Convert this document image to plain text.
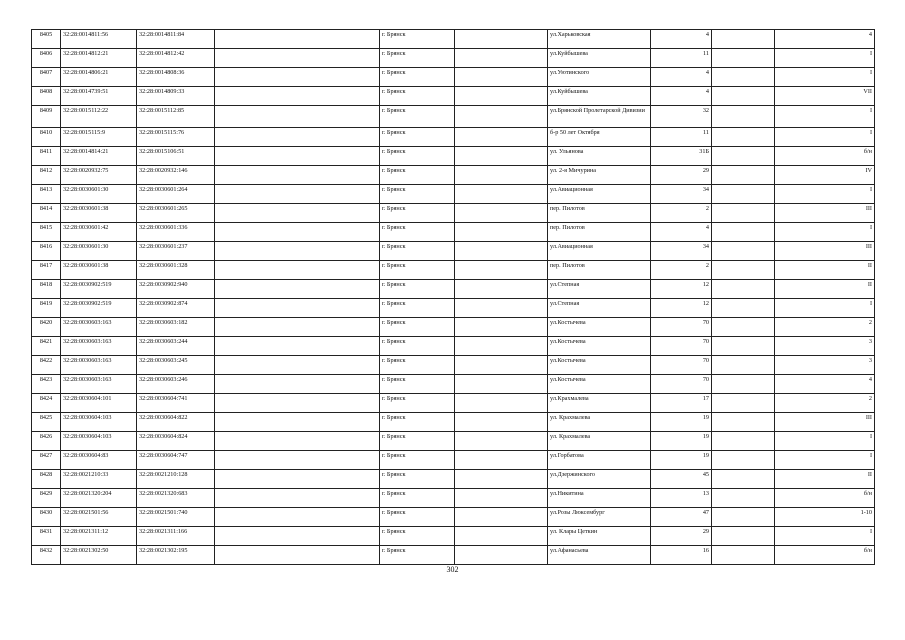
8405	32:28:0014811:56	32:28:0014811:84		г. Брянск		ул.Харьковская	4		4
8406	32:28:0014812:21	32:28:0014812:42		г. Брянск		ул.Куйбышева	11		I
8407	32:28:0014806:21	32:28:0014808:36		г. Брянск		ул.Уютинского	4		I
8408	32:28:0014739:51	32:28:0014809:33		г. Брянск		ул.Куйбышева	4		VII
8409	32:28:0015112:22	32:28:0015112:85		г. Брянск		ул.Брянской Пролетарской Дивизии	32		I
8410	32:28:0015115:9	32:28:0015115:76		г. Брянск		б-р 50 лет Октября	11		I
8411	32:28:0014814:21	32:28:0015106:51		г. Брянск		ул. Ульянова	31Б		б/н
8412	32:28:0020932:75	32:28:0020932:146		г. Брянск		ул. 2-я Мичурина	29		IV
8413	32:28:0030601:30	32:28:0030601:264		г. Брянск		ул.Авиационная	34		I
8414	32:28:0030601:38	32:28:0030601:265		г. Брянск		пер. Пилотов	2		III
8415	32:28:0030601:42	32:28:0030601:336		г. Брянск		пер. Пилотов	4		I
8416	32:28:0030601:30	32:28:0030601:237		г. Брянск		ул.Авиационная	34		III
8417	32:28:0030601:38	32:28:0030601:328		г. Брянск		пер. Пилотов	2		II
8418	32:28:0030902:519	32:28:0030902:940		г. Брянск		ул.Степная	12		II
8419	32:28:0030902:519	32:28:0030902:874		г. Брянск		ул.Степная	12		I
8420	32:28:0030603:163	32:28:0030603:182		г. Брянск		ул.Костычева	70		2
8421	32:28:0030603:163	32:28:0030603:244		г. Брянск		ул.Костычева	70		3
8422	32:28:0030603:163	32:28:0030603:245		г. Брянск		ул.Костычева	70		3
8423	32:28:0030603:163	32:28:0030603:246		г. Брянск		ул.Костычева	70		4
8424	32:28:0030604:101	32:28:0030604:741		г. Брянск		ул.Крахмалева	17		2
8425	32:28:0030604:103	32:28:0030604:822		г. Брянск		ул. Крахмалева	19		III
8426	32:28:0030604:103	32:28:0030604:824		г. Брянск		ул. Крахмалева	19		I
8427	32:28:0030604:83	32:28:0030604:747		г. Брянск		ул.Горбатова	19		I
8428	32:28:0021210:33	32:28:0021210:128		г. Брянск		ул.Дзержинского	45		II
8429	32:28:0021320:204	32:28:0021320:683		г. Брянск		ул.Никитина	13		б/н
8430	32:28:0021501:56	32:28:0021501:740		г. Брянск		ул.Розы Люксембург	47		1-10
8431	32:28:0021311:12	32:28:0021311:166		г. Брянск		ул. Клары Цеткин	29		I
8432	32:28:0021302:50	32:28:0021302:195		г. Брянск		ул.Афанасьева	16		б/н
302
